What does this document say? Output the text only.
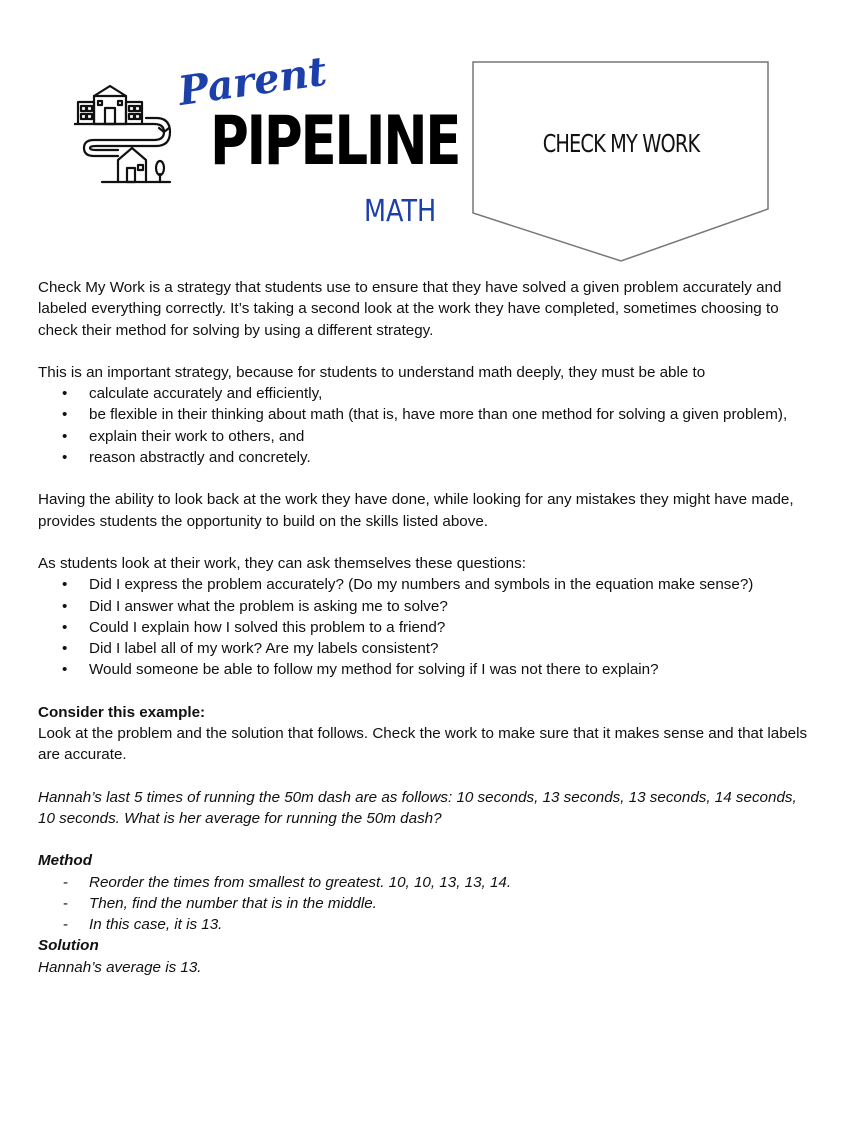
Parent
PIPELINE
MATH
CHECK MY WORK

Check My Work is a strategy that students use to ensure that they have solved a given problem accurately and labeled everything correctly. It’s taking a second look at the work they have completed, sometimes choosing to check their method for solving by using a different strategy.

This is an important strategy, because for students to understand math deeply, they must be able to

• calculate accurately and efficiently,
• be flexible in their thinking about math (that is, have more than one method for solving a given problem),
• explain their work to others, and
• reason abstractly and concretely.

Having the ability to look back at the work they have done, while looking for any mistakes they might have made, provides students the opportunity to build on the skills listed above.

As students look at their work, they can ask themselves these questions:

• Did I express the problem accurately? (Do my numbers and symbols in the equation make sense?)
• Did I answer what the problem is asking me to solve?
• Could I explain how I solved this problem to a friend?
• Did I label all of my work? Are my labels consistent?
• Would someone be able to follow my method for solving if I was not there to explain?

Consider this example:

Look at the problem and the solution that follows. Check the work to make sure that it makes sense and that labels are accurate.

Hannah’s last 5 times of running the 50m dash are as follows: 10 seconds, 13 seconds, 13 seconds, 14 seconds, 10 seconds. What is her average for running the 50m dash?

Method

- Reorder the times from smallest to greatest. 10, 10, 13, 13, 14.
- Then, find the number that is in the middle.
- In this case, it is 13.

Solution

Hannah’s average is 13.
